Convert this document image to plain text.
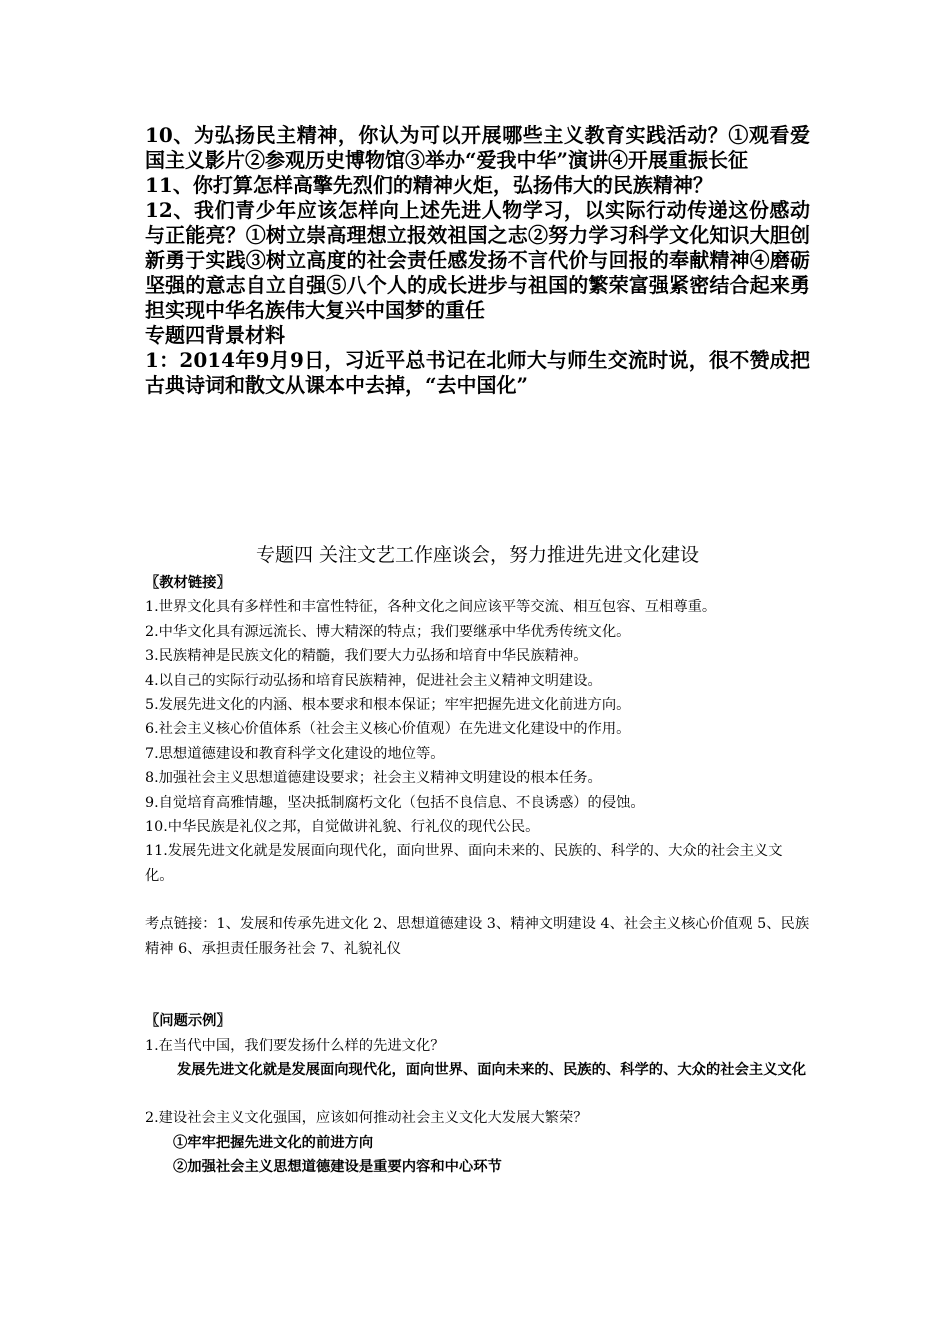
10、为弘扬民主精神，你认为可以开展哪些主义教育实践活动？①观看爱国主义影片②参观历史博物馆③举办“爱我中华”演讲④开展重振长征

11、你打算怎样高擎先烈们的精神火炬，弘扬伟大的民族精神？

12、我们青少年应该怎样向上述先进人物学习，以实际行动传递这份感动与正能亮？①树立崇高理想立报效祖国之志②努力学习科学文化知识大胆创新勇于实践③树立高度的社会责任感发扬不言代价与回报的奉献精神④磨砺坚强的意志自立自强⑤八个人的成长进步与祖国的繁荣富强紧密结合起来勇担实现中华名族伟大复兴中国梦的重任

专题四背景材料

1：2014年9月9日，习近平总书记在北师大与师生交流时说，很不赞成把古典诗词和散文从课本中去掉，“去中国化”

专题四 关注文艺工作座谈会，努力推进先进文化建设

〖教材链接〗

1.世界文化具有多样性和丰富性特征，各种文化之间应该平等交流、相互包容、互相尊重。

2.中华文化具有源远流长、博大精深的特点；我们要继承中华优秀传统文化。

3.民族精神是民族文化的精髓，我们要大力弘扬和培育中华民族精神。

4.以自己的实际行动弘扬和培育民族精神，促进社会主义精神文明建设。

5.发展先进文化的内涵、根本要求和根本保证；牢牢把握先进文化前进方向。

6.社会主义核心价值体系（社会主义核心价值观）在先进文化建设中的作用。

7.思想道德建设和教育科学文化建设的地位等。

8.加强社会主义思想道德建设要求；社会主义精神文明建设的根本任务。

9.自觉培育高雅情趣，坚决抵制腐朽文化（包括不良信息、不良诱惑）的侵蚀。

10.中华民族是礼仪之邦，自觉做讲礼貌、行礼仪的现代公民。

11.发展先进文化就是发展面向现代化，面向世界、面向未来的、民族的、科学的、大众的社会主义文化。

考点链接：1、发展和传承先进文化 2、思想道德建设 3、精神文明建设 4、社会主义核心价值观 5、民族精神 6、承担责任服务社会 7、礼貌礼仪

〖问题示例〗

1.在当代中国，我们要发扬什么样的先进文化？

发展先进文化就是发展面向现代化，面向世界、面向未来的、民族的、科学的、大众的社会主义文化

2.建设社会主义文化强国，应该如何推动社会主义文化大发展大繁荣？

①牢牢把握先进文化的前进方向

②加强社会主义思想道德建设是重要内容和中心环节
